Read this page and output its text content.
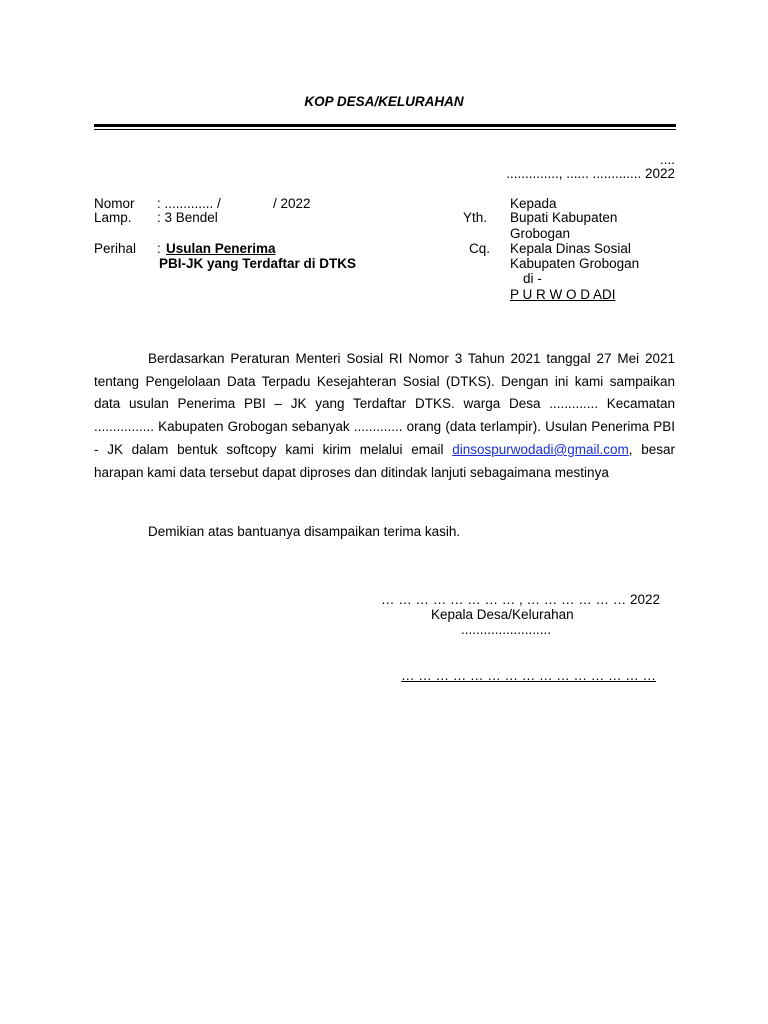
KOP DESA/KELURAHAN
....
.............., ...... ............. 2022
Nomor : ............. /	/ 2022
Lamp. : 3 Bendel
Perihal : Usulan Penerima
PBI-JK yang Terdaftar di DTKS
Kepada
Yth. Bupati Kabupaten
Grobogan
Cq. Kepala Dinas Sosial
Kabupaten Grobogan
di -
P U R W O D ADI

Berdasarkan Peraturan Menteri Sosial RI Nomor 3 Tahun 2021 tanggal 27 Mei 2021 tentang Pengelolaan Data Terpadu Kesejahteran Sosial (DTKS). Dengan ini kami sampaikan data usulan Penerima PBI – JK yang Terdaftar DTKS. warga Desa ............. Kecamatan ................ Kabupaten Grobogan sebanyak ............. orang (data terlampir). Usulan Penerima PBI - JK dalam bentuk softcopy kami kirim melalui email dinsospurwodadi@gmail.com, besar harapan kami data tersebut dapat diproses dan ditindak lanjuti sebagaimana mestinya

Demikian atas bantuanya disampaikan terima kasih.
… … … … … … … … , … … … … … … 2022
Kepala Desa/Kelurahan
........................
… … … … … … … … … … … … … … …
